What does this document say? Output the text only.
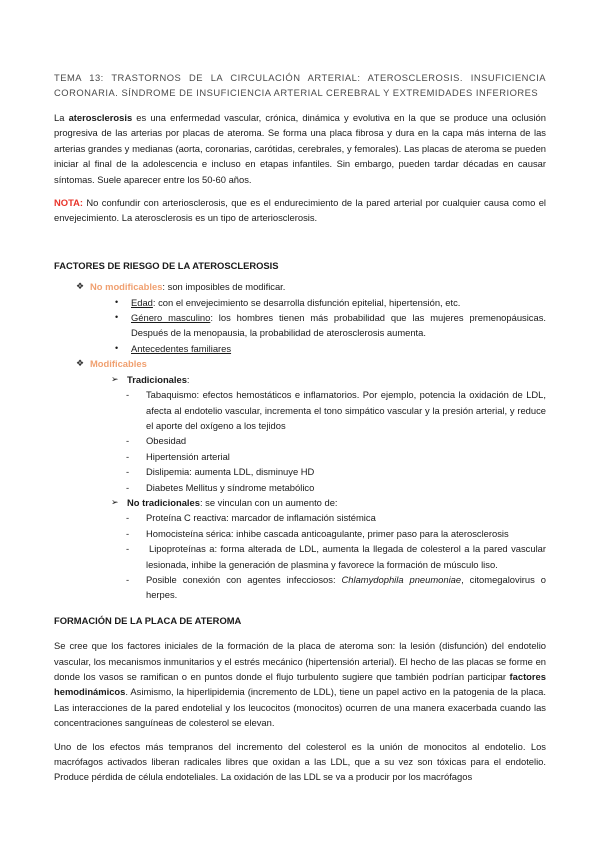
TEMA 13: TRASTORNOS DE LA CIRCULACIÓN ARTERIAL: ATEROSCLEROSIS. INSUFICIENCIA CORONARIA. SÍNDROME DE INSUFICIENCIA ARTERIAL CEREBRAL Y EXTREMIDADES INFERIORES

La aterosclerosis es una enfermedad vascular, crónica, dinámica y evolutiva en la que se produce una oclusión progresiva de las arterias por placas de ateroma. Se forma una placa fibrosa y dura en la capa más interna de las arterias grandes y medianas (aorta, coronarias, carótidas, cerebrales, y femorales). Las placas de ateroma se pueden iniciar al final de la adolescencia e incluso en etapas infantiles. Sin embargo, pueden tardar décadas en causar síntomas. Suele aparecer entre los 50-60 años.

NOTA: No confundir con arteriosclerosis, que es el endurecimiento de la pared arterial por cualquier causa como el envejecimiento. La aterosclerosis es un tipo de arteriosclerosis.

FACTORES DE RIESGO DE LA ATEROSCLEROSIS

❖ No modificables: son imposibles de modificar.
• Edad: con el envejecimiento se desarrolla disfunción epitelial, hipertensión, etc.
• Género masculino: los hombres tienen más probabilidad que las mujeres premenopáusicas. Después de la menopausia, la probabilidad de aterosclerosis aumenta.
• Antecedentes familiares
❖ Modificables
➢ Tradicionales:
- Tabaquismo: efectos hemostáticos e inflamatorios. Por ejemplo, potencia la oxidación de LDL, afecta al endotelio vascular, incrementa el tono simpático vascular y la presión arterial, y reduce el aporte del oxígeno a los tejidos
- Obesidad
- Hipertensión arterial
- Dislipemia: aumenta LDL, disminuye HD
- Diabetes Mellitus y síndrome metabólico
➢ No tradicionales: se vinculan con un aumento de:
- Proteína C reactiva: marcador de inflamación sistémica
- Homocisteína sérica: inhibe cascada anticoagulante, primer paso para la aterosclerosis
- Lipoproteínas a: forma alterada de LDL, aumenta la llegada de colesterol a la pared vascular lesionada, inhibe la generación de plasmina y favorece la formación de músculo liso.
- Posible conexión con agentes infecciosos: Chlamydophila pneumoniae, citomegalovirus o herpes.

FORMACIÓN DE LA PLACA DE ATEROMA

Se cree que los factores iniciales de la formación de la placa de ateroma son: la lesión (disfunción) del endotelio vascular, los mecanismos inmunitarios y el estrés mecánico (hipertensión arterial). El hecho de las placas se forme en donde los vasos se ramifican o en puntos donde el flujo turbulento sugiere que también podrían participar factores hemodinámicos. Asimismo, la hiperlipidemia (incremento de LDL), tiene un papel activo en la patogenia de la placa. Las interacciones de la pared endotelial y los leucocitos (monocitos) ocurren de una manera exacerbada cuando las concentraciones sanguíneas de colesterol se elevan.

Uno de los efectos más tempranos del incremento del colesterol es la unión de monocitos al endotelio. Los macrófagos activados liberan radicales libres que oxidan a las LDL, que a su vez son tóxicas para el endotelio. Produce pérdida de célula endoteliales. La oxidación de las LDL se va a producir por los macrófagos
